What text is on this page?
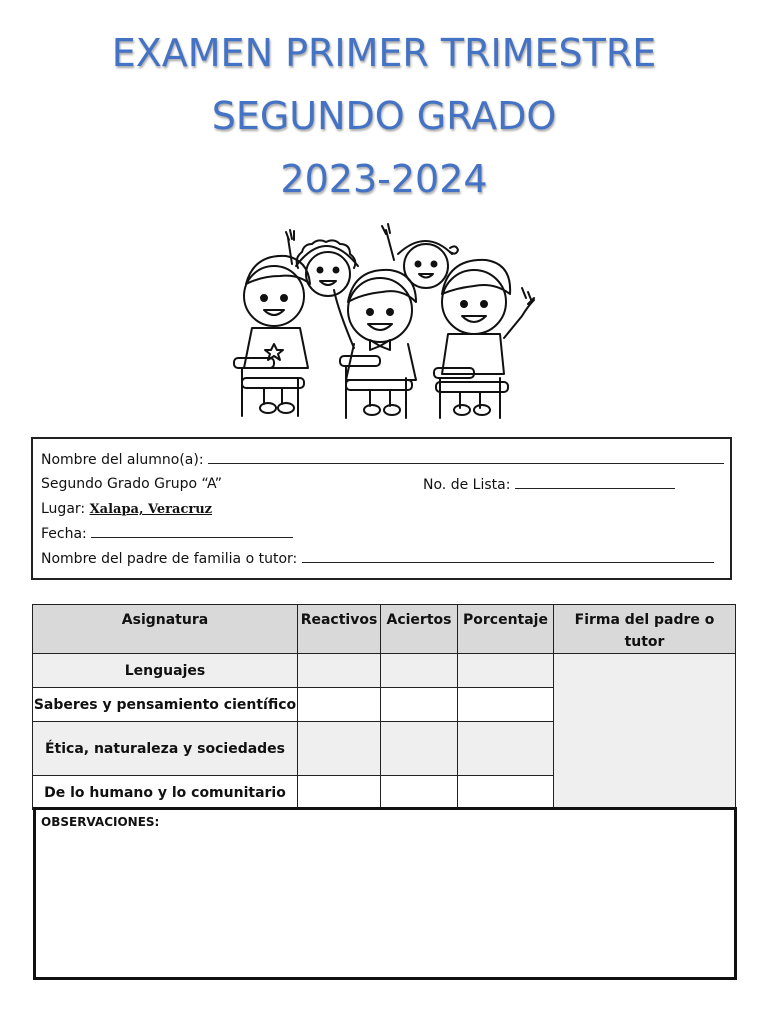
EXAMEN PRIMER TRIMESTRE
SEGUNDO GRADO
2023-2024
Nombre del alumno(a):
Segundo Grado Grupo “A”	No. de Lista:
Lugar: Xalapa, Veracruz
Fecha:
Nombre del padre de familia o tutor:
Asignatura	Reactivos	Aciertos	Porcentaje	Firma del padre o tutor
Lenguajes				
Saberes y pensamiento científico				
Ética, naturaleza y sociedades				
De lo humano y lo comunitario				
OBSERVACIONES:
